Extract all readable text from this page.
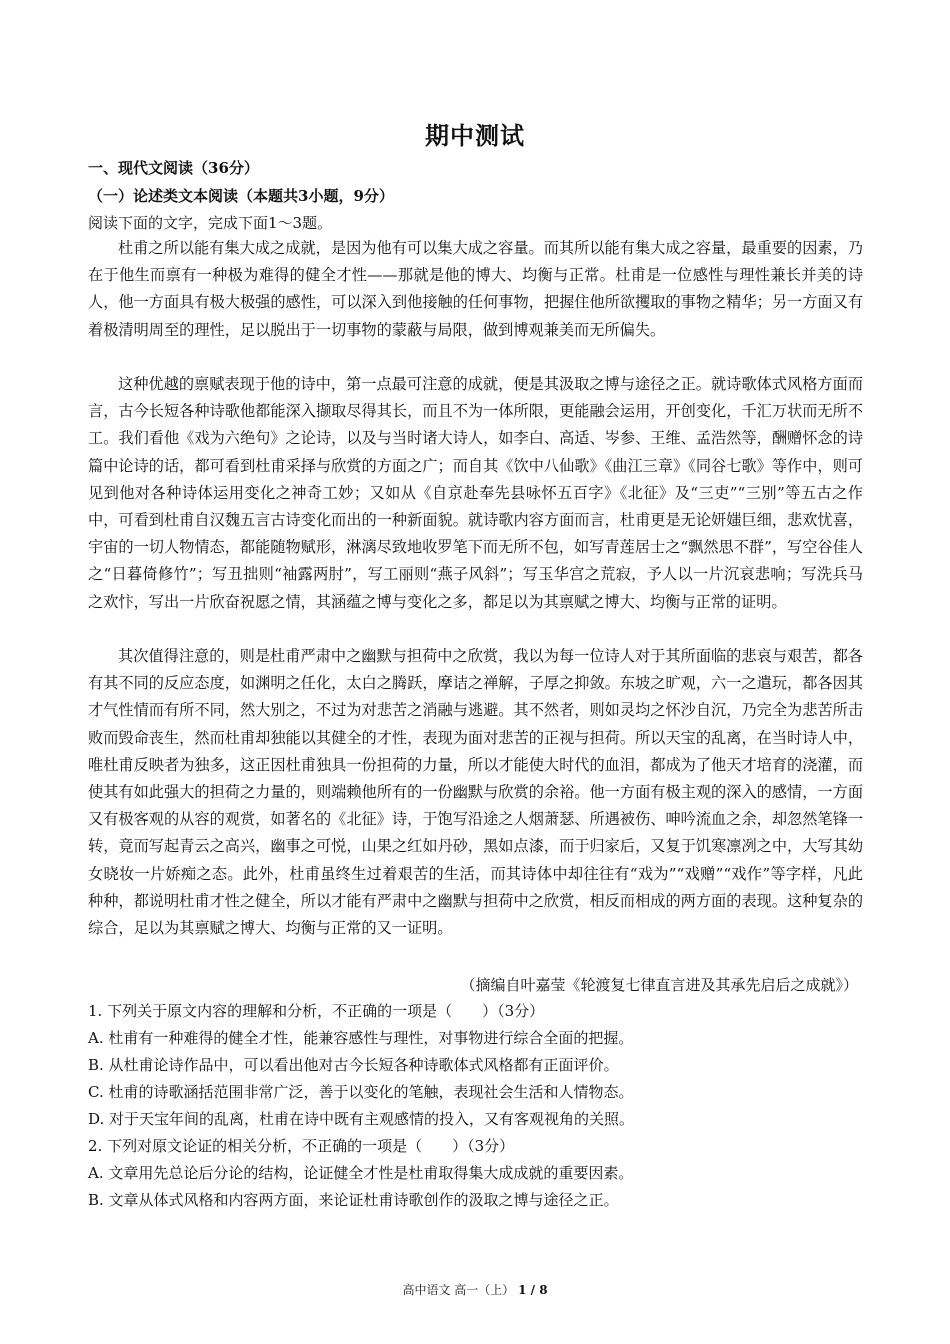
期中测试
一、现代文阅读（36分）
（一）论述类文本阅读（本题共3小题，9分）
阅读下面的文字，完成下面1～3题。

杜甫之所以能有集大成之成就，是因为他有可以集大成之容量。而其所以能有集大成之容量，最重要的因素，乃在于他生而禀有一种极为难得的健全才性——那就是他的博大、均衡与正常。杜甫是一位感性与理性兼长并美的诗人，他一方面具有极大极强的感性，可以深入到他接触的任何事物，把握住他所欲攫取的事物之精华；另一方面又有着极清明周至的理性，足以脱出于一切事物的蒙蔽与局限，做到博观兼美而无所偏失。

这种优越的禀赋表现于他的诗中，第一点最可注意的成就，便是其汲取之博与途径之正。就诗歌体式风格方面而言，古今长短各种诗歌他都能深入撷取尽得其长，而且不为一体所限，更能融会运用，开创变化，千汇万状而无所不工。我们看他《戏为六绝句》之论诗，以及与当时诸大诗人，如李白、高适、岑参、王维、孟浩然等，酬赠怀念的诗篇中论诗的话，都可看到杜甫采择与欣赏的方面之广；而自其《饮中八仙歌》《曲江三章》《同谷七歌》等作中，则可见到他对各种诗体运用变化之神奇工妙；又如从《自京赴奉先县咏怀五百字》《北征》及“三吏”“三别”等五古之作中，可看到杜甫自汉魏五言古诗变化而出的一种新面貌。就诗歌内容方面而言，杜甫更是无论妍媸巨细，悲欢忧喜，宇宙的一切人物情态，都能随物赋形，淋漓尽致地收罗笔下而无所不包，如写青莲居士之“飘然思不群”，写空谷佳人之“日暮倚修竹”；写丑拙则“袖露两肘”，写工丽则“燕子风斜”；写玉华宫之荒寂，予人以一片沉哀悲响；写洗兵马之欢忭，写出一片欣奋祝愿之情，其涵蕴之博与变化之多，都足以为其禀赋之博大、均衡与正常的证明。

其次值得注意的，则是杜甫严肃中之幽默与担荷中之欣赏，我以为每一位诗人对于其所面临的悲哀与艰苦，都各有其不同的反应态度，如渊明之任化，太白之腾跃，摩诘之禅解，子厚之抑敛。东坡之旷观，六一之遣玩，都各因其才气性情而有所不同，然大别之，不过为对悲苦之消融与逃避。其不然者，则如灵均之怀沙自沉，乃完全为悲苦所击败而毁命丧生，然而杜甫却独能以其健全的才性，表现为面对悲苦的正视与担荷。所以天宝的乱离，在当时诗人中，唯杜甫反映者为独多，这正因杜甫独具一份担荷的力量，所以才能使大时代的血泪，都成为了他天才培育的浇灌，而使其有如此强大的担荷之力量的，则端赖他所有的一份幽默与欣赏的余裕。他一方面有极主观的深入的感情，一方面又有极客观的从容的观赏，如著名的《北征》诗，于饱写沿途之人烟萧瑟、所遇被伤、呻吟流血之余，却忽然笔锋一转，竟而写起青云之高兴，幽事之可悦，山果之红如丹砂，黑如点漆，而于归家后，又复于饥寒凛冽之中，大写其幼女晓妆一片娇痴之态。此外，杜甫虽终生过着艰苦的生活，而其诗体中却往往有“戏为”“戏赠”“戏作”等字样，凡此种种，都说明杜甫才性之健全，所以才能有严肃中之幽默与担荷中之欣赏，相反而相成的两方面的表现。这种复杂的综合，足以为其禀赋之博大、均衡与正常的又一证明。

（摘编自叶嘉莹《轮渡复七律直言进及其承先启后之成就》）
1. 下列关于原文内容的理解和分析，不正确的一项是（　　）（3分）
A. 杜甫有一种难得的健全才性，能兼容感性与理性，对事物进行综合全面的把握。
B. 从杜甫论诗作品中，可以看出他对古今长短各种诗歌体式风格都有正面评价。
C. 杜甫的诗歌涵括范围非常广泛，善于以变化的笔触，表现社会生活和人情物态。
D. 对于天宝年间的乱离，杜甫在诗中既有主观感情的投入，又有客观视角的关照。
2. 下列对原文论证的相关分析，不正确的一项是（　　）（3分）
A. 文章用先总论后分论的结构，论证健全才性是杜甫取得集大成成就的重要因素。
B. 文章从体式风格和内容两方面，来论证杜甫诗歌创作的汲取之博与途径之正。
高中语文 高一（上） 1 / 8
